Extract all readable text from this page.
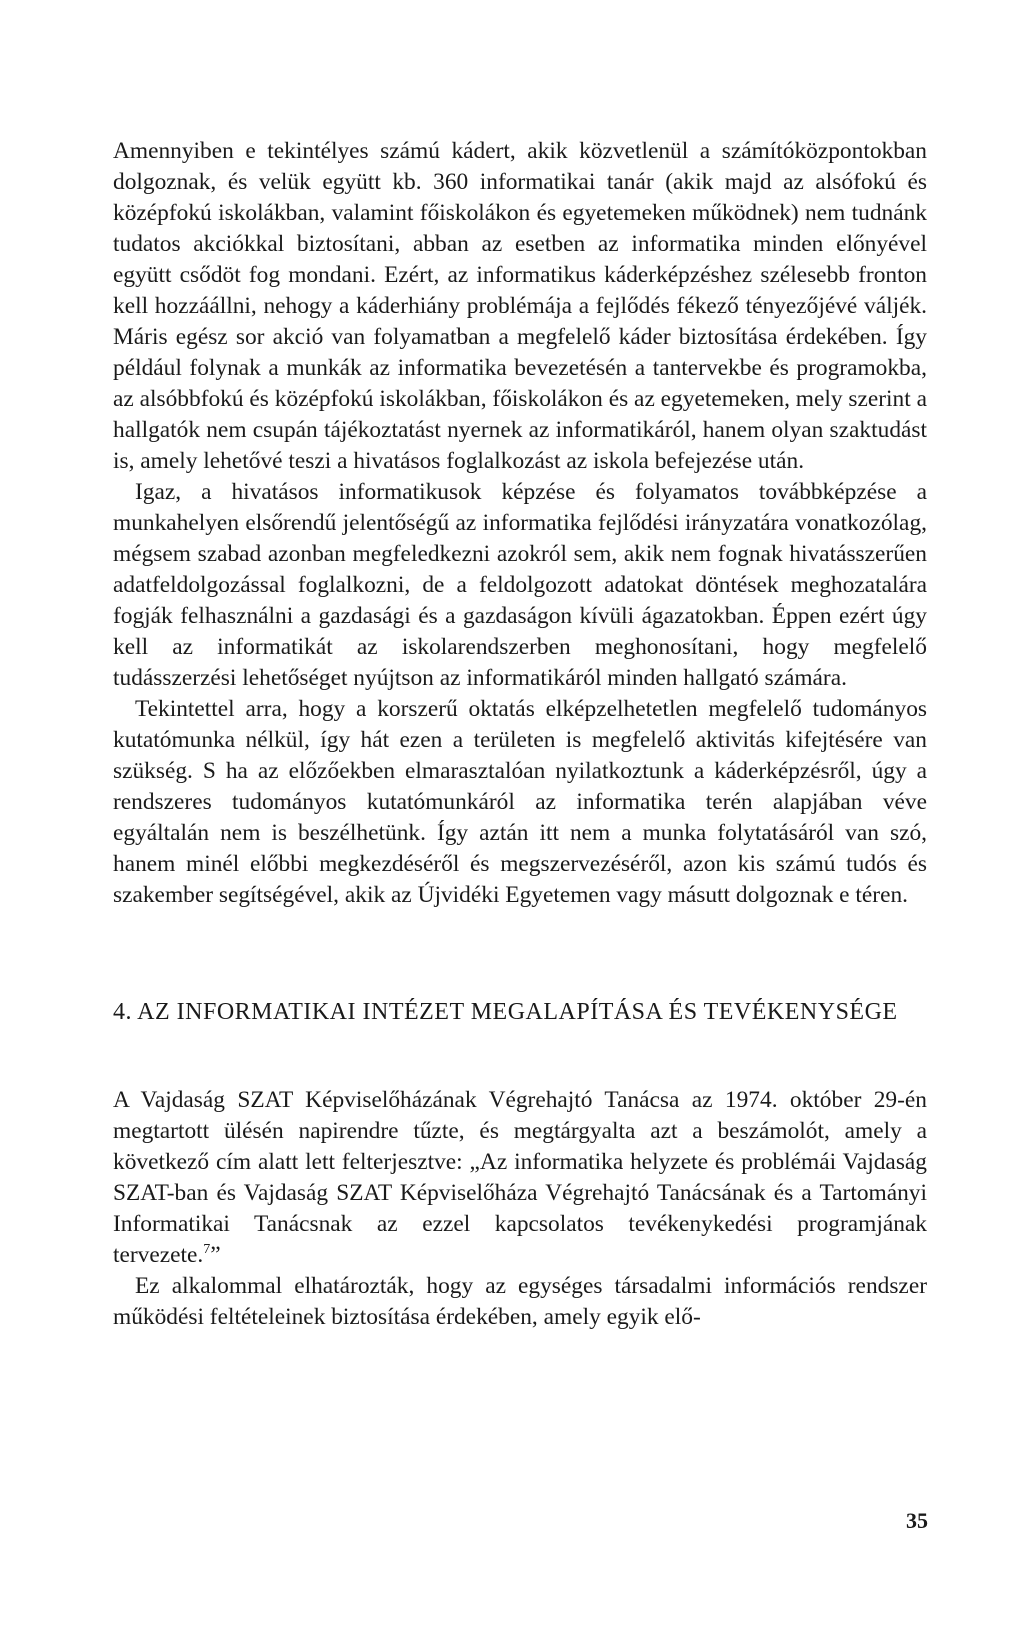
Amennyiben e tekintélyes számú kádert, akik közvetlenül a számítóközpontokban dolgoznak, és velük együtt kb. 360 informatikai tanár (akik majd az alsófokú és középfokú iskolákban, valamint főiskolákon és egyetemeken működnek) nem tudnánk tudatos akciókkal biztosítani, abban az esetben az informatika minden előnyével együtt csődöt fog mondani. Ezért, az informatikus káderképzéshez szélesebb fronton kell hozzáállni, nehogy a káderhiány problémája a fejlődés fékező tényezőjévé váljék. Máris egész sor akció van folyamatban a megfelelő káder biztosítása érdekében. Így például folynak a munkák az informatika bevezetésén a tantervekbe és programokba, az alsóbbfokú és középfokú iskolákban, főiskolákon és az egyetemeken, mely szerint a hallgatók nem csupán tájékoztatást nyernek az informatikáról, hanem olyan szaktudást is, amely lehetővé teszi a hivatásos foglalkozást az iskola befejezése után.

Igaz, a hivatásos informatikusok képzése és folyamatos továbbképzése a munkahelyen elsőrendű jelentőségű az informatika fejlődési irányzatára vonatkozólag, mégsem szabad azonban megfeledkezni azokról sem, akik nem fognak hivatásszerűen adatfeldolgozással foglalkozni, de a feldolgozott adatokat döntések meghozatalára fogják felhasználni a gazdasági és a gazdaságon kívüli ágazatokban. Éppen ezért úgy kell az informatikát az iskolarendszerben meghonosítani, hogy megfelelő tudásszerzési lehetőséget nyújtson az informatikáról minden hallgató számára.

Tekintettel arra, hogy a korszerű oktatás elképzelhetetlen megfelelő tudományos kutatómunka nélkül, így hát ezen a területen is megfelelő aktivitás kifejtésére van szükség. S ha az előzőekben elmarasztalóan nyilatkoztunk a káderképzésről, úgy a rendszeres tudományos kutatómunkáról az informatika terén alapjában véve egyáltalán nem is beszélhetünk. Így aztán itt nem a munka folytatásáról van szó, hanem minél előbbi megkezdéséről és megszervezéséről, azon kis számú tudós és szakember segítségével, akik az Újvidéki Egyetemen vagy másutt dolgoznak e téren.

4. AZ INFORMATIKAI INTÉZET MEGALAPÍTÁSA ÉS TEVÉKENYSÉGE

A Vajdaság SZAT Képviselőházának Végrehajtó Tanácsa az 1974. október 29-én megtartott ülésén napirendre tűzte, és megtárgyalta azt a beszámolót, amely a következő cím alatt lett felterjesztve: „Az informatika helyzete és problémái Vajdaság SZAT-ban és Vajdaság SZAT Képviselőháza Végrehajtó Tanácsának és a Tartományi Informatikai Tanácsnak az ezzel kapcsolatos tevékenykedési programjának tervezete.$^7$”

Ez alkalommal elhatározták, hogy az egységes társadalmi információs rendszer működési feltételeinek biztosítása érdekében, amely egyik elő-

35
